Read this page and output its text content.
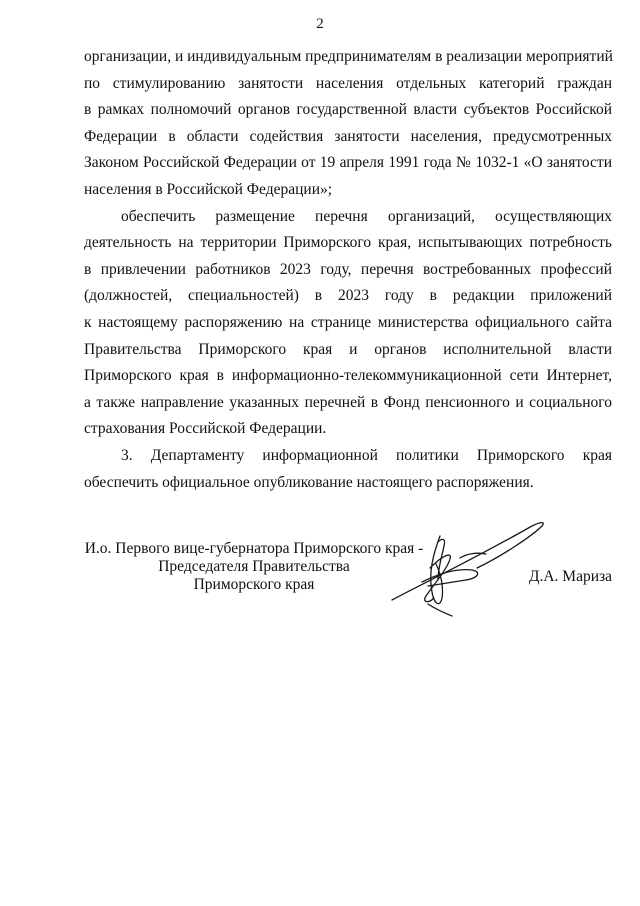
2
организации, и индивидуальным предпринимателям в реализации мероприятий
по стимулированию занятости населения отдельных категорий граждан
в рамках полномочий органов государственной власти субъектов Российской
Федерации в области содействия занятости населения, предусмотренных
Законом Российской Федерации от 19 апреля 1991 года № 1032-1 «О занятости
населения в Российской Федерации»;
обеспечить размещение перечня организаций, осуществляющих
деятельность на территории Приморского края, испытывающих потребность
в привлечении работников 2023 году, перечня востребованных профессий
(должностей, специальностей) в 2023 году в редакции приложений
к настоящему распоряжению на странице министерства официального сайта
Правительства Приморского края и органов исполнительной власти
Приморского края в информационно-телекоммуникационной сети Интернет,
а также направление указанных перечней в Фонд пенсионного и социального
страхования Российской Федерации.
3. Департаменту информационной политики Приморского края
обеспечить официальное опубликование настоящего распоряжения.
И.о. Первого вице-губернатора Приморского края -
Председателя Правительства
Приморского края	Д.А. Мариза
